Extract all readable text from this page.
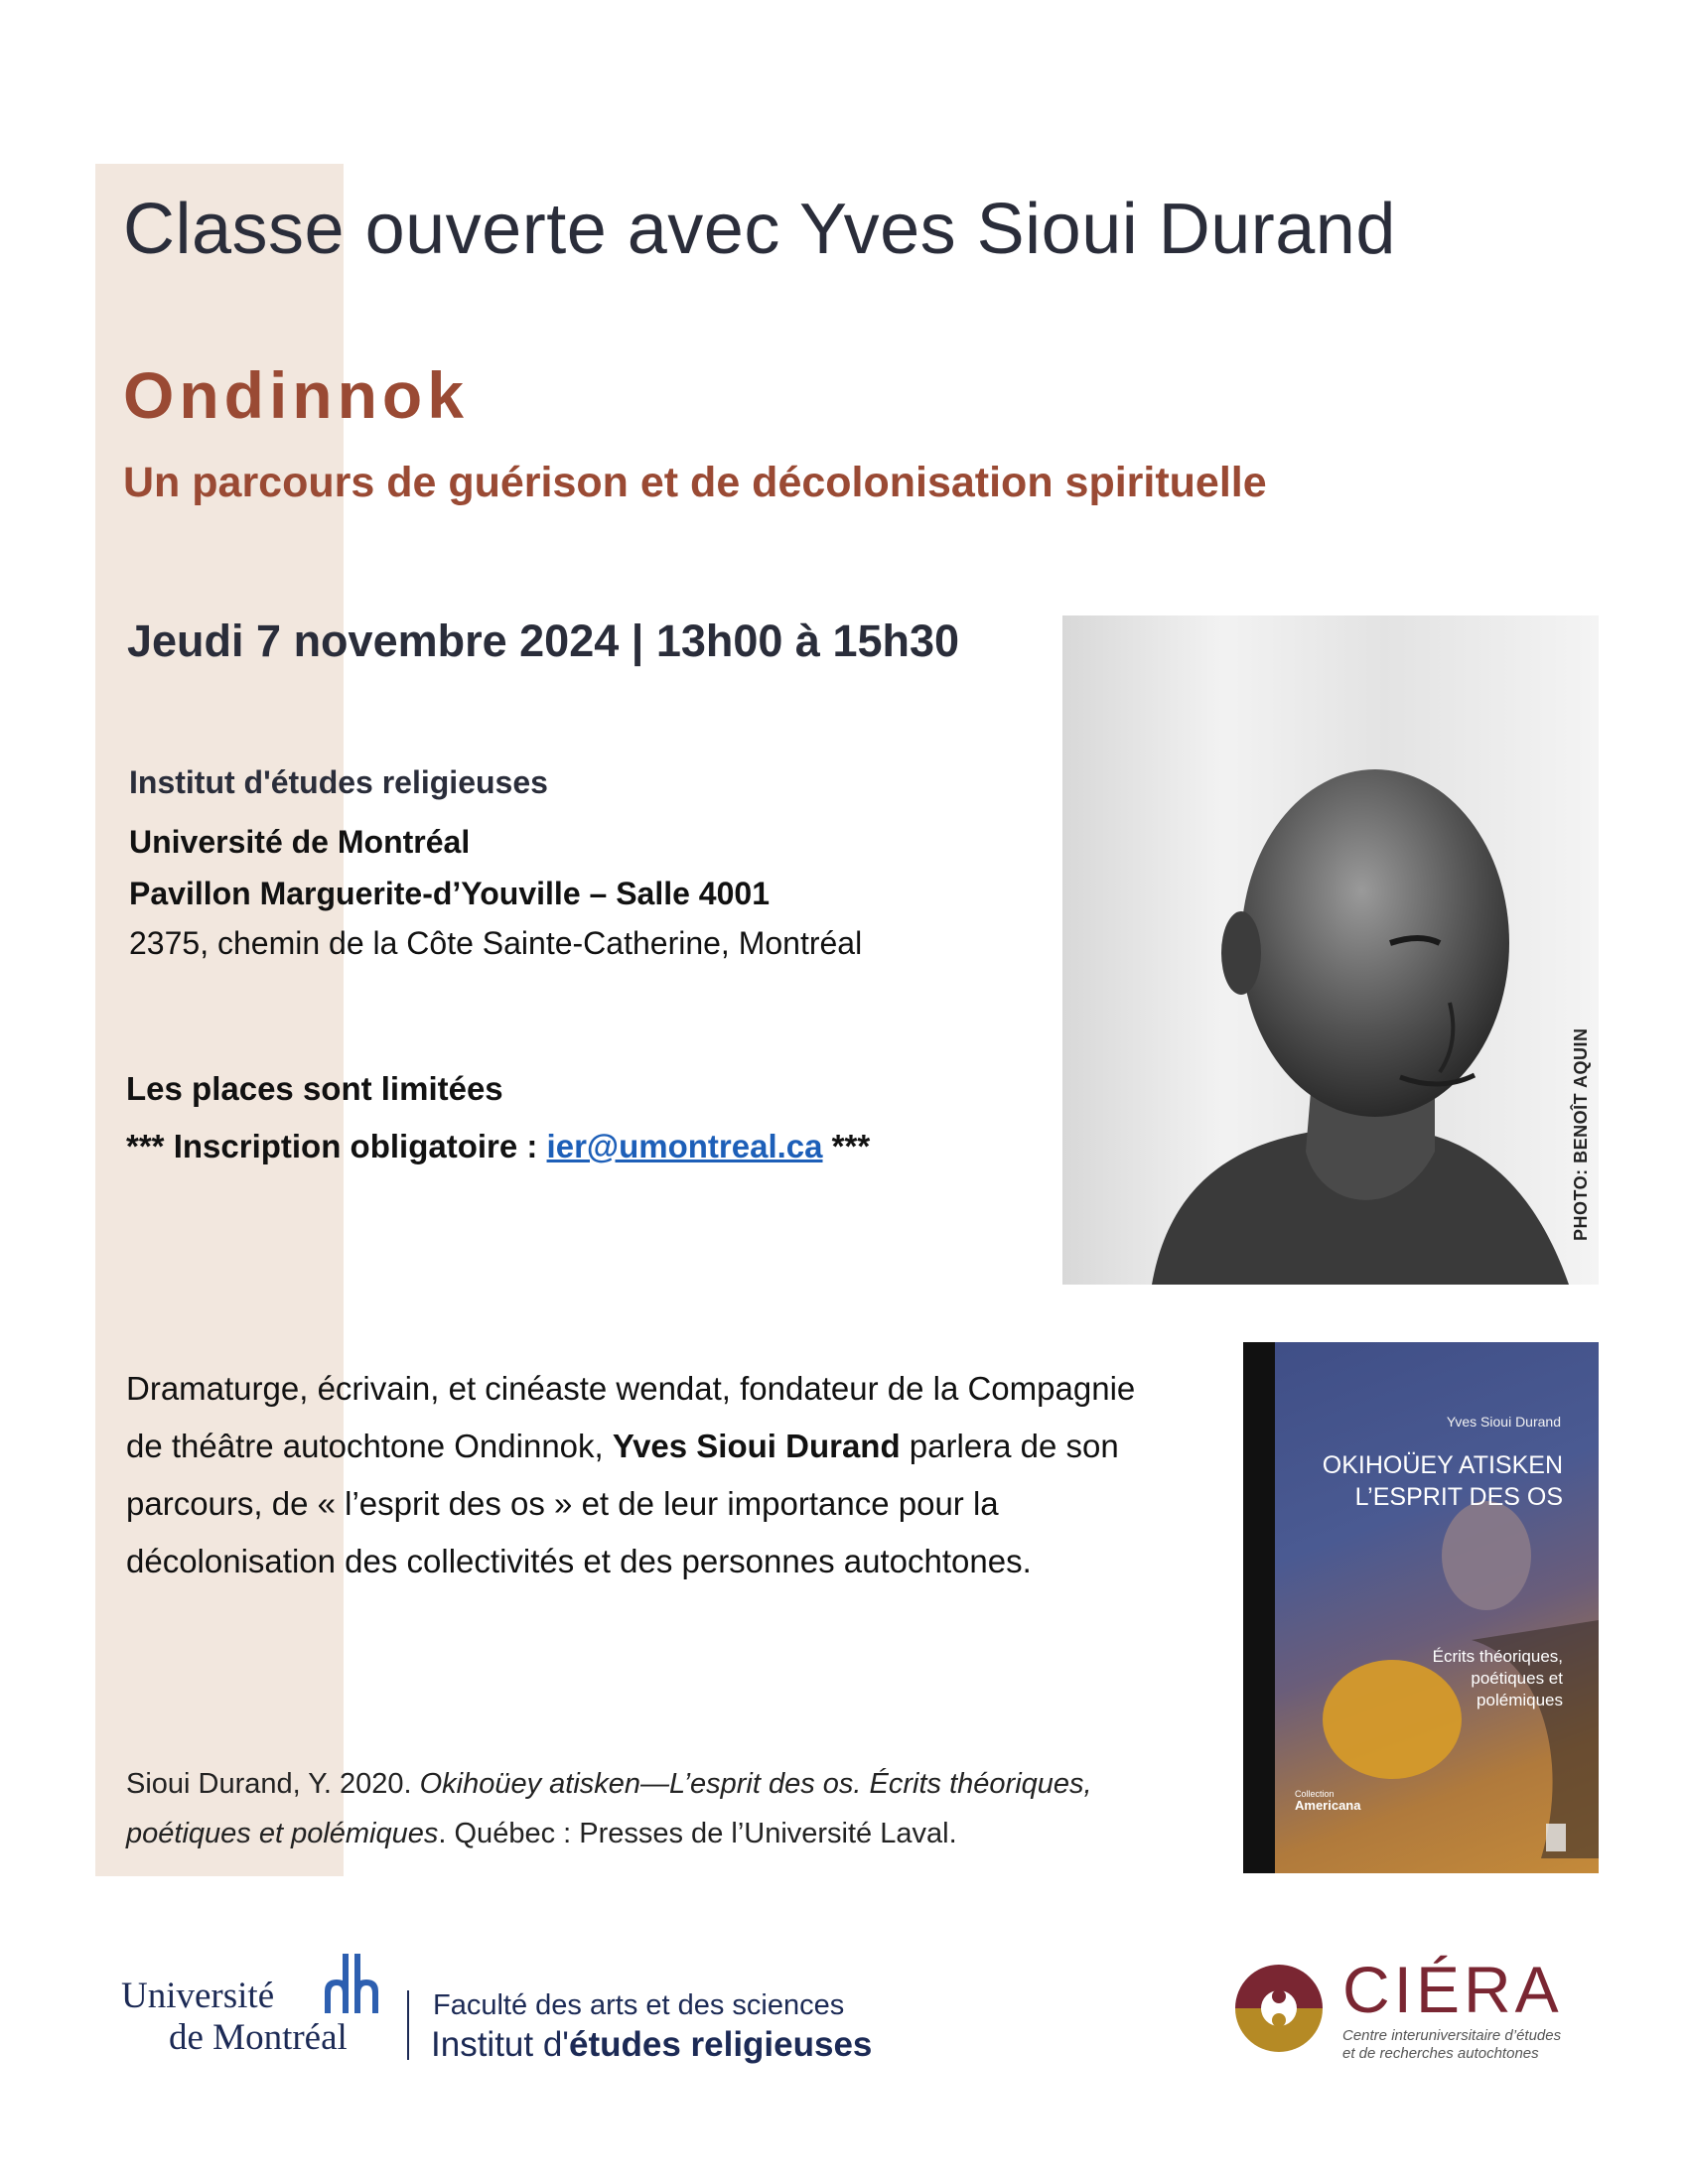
Classe ouverte avec Yves Sioui Durand
Ondinnok
Un parcours de guérison et de décolonisation spirituelle
Jeudi 7 novembre 2024 | 13h00 à 15h30
Institut d'études religieuses
Université de Montréal
Pavillon Marguerite-d’Youville – Salle 4001
2375, chemin de la Côte Sainte-Catherine, Montréal
Les places sont limitées
*** Inscription obligatoire : ier@umontreal.ca ***
Dramaturge, écrivain, et cinéaste wendat, fondateur de la Compagnie de théâtre autochtone Ondinnok, Yves Sioui Durand parlera de son parcours, de « l’esprit des os » et de leur importance pour la décolonisation des collectivités et des personnes autochtones.
Sioui Durand, Y. 2020. Okihoüey atisken—L’esprit des os. Écrits théoriques, poétiques et polémiques. Québec : Presses de l’Université Laval.
PHOTO: BENOÎT AQUIN
Yves Sioui Durand
OKIHOÜEY ATISKEN
L’ESPRIT DES OS
Écrits théoriques, poétiques et polémiques
Collection
Americana
Université
de Montréal
Faculté des arts et des sciences
Institut d'études religieuses
CIÉRA
Centre interuniversitaire d’études
et de recherches autochtones
